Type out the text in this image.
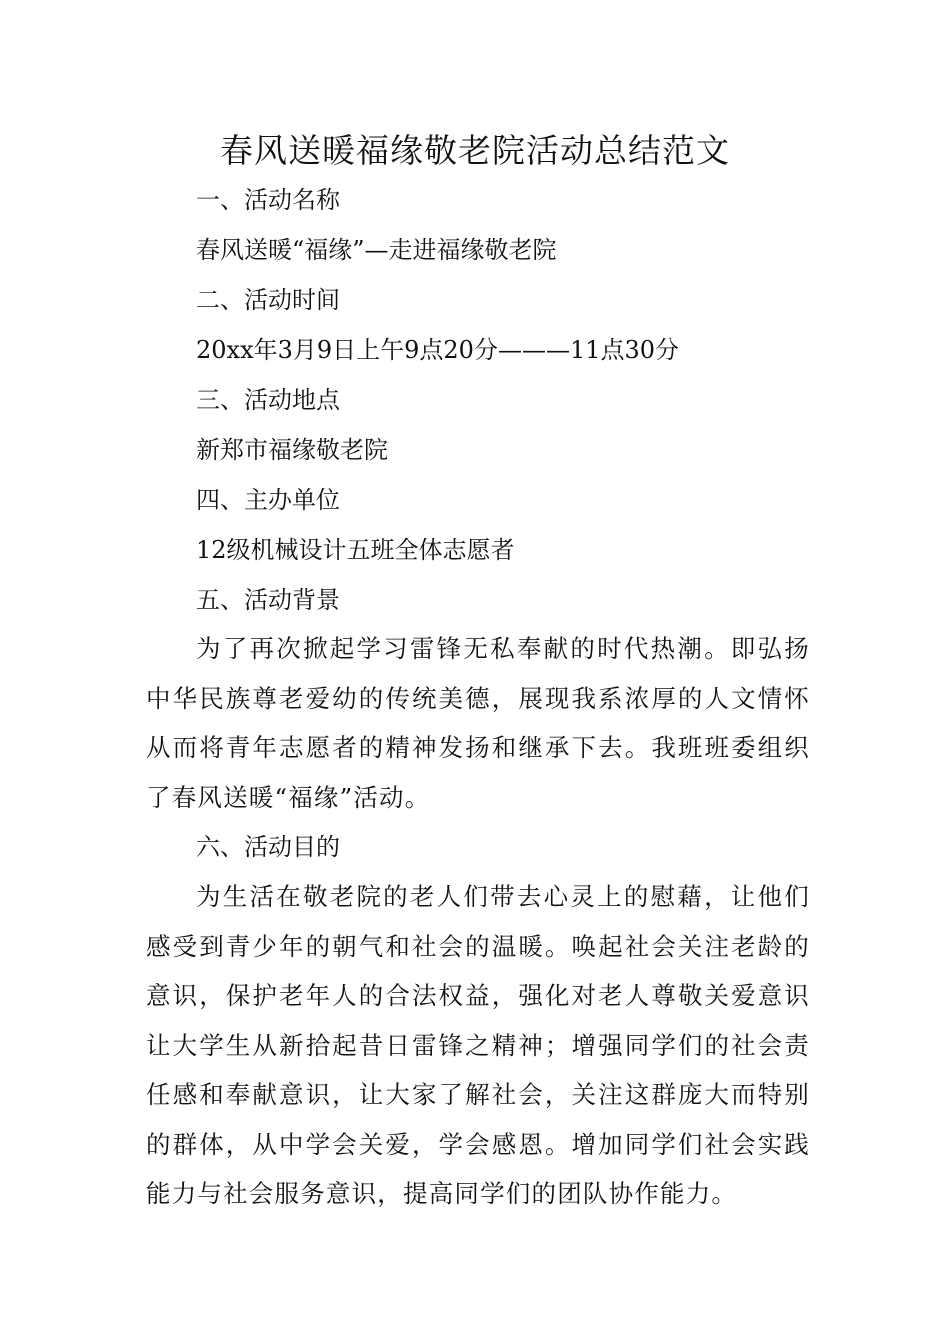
春风送暖福缘敬老院活动总结范文

一、活动名称

春风送暖“福缘”—走进福缘敬老院

二、活动时间

20xx年3月9日上午9点20分———11点30分

三、活动地点

新郑市福缘敬老院

四、主办单位

12级机械设计五班全体志愿者

五、活动背景

为了再次掀起学习雷锋无私奉献的时代热潮。即弘扬中华民族尊老爱幼的传统美德，展现我系浓厚的人文情怀从而将青年志愿者的精神发扬和继承下去。我班班委组织了春风送暖“福缘”活动。

六、活动目的

为生活在敬老院的老人们带去心灵上的慰藉，让他们感受到青少年的朝气和社会的温暖。唤起社会关注老龄的意识，保护老年人的合法权益，强化对老人尊敬关爱意识让大学生从新拾起昔日雷锋之精神；增强同学们的社会责任感和奉献意识，让大家了解社会，关注这群庞大而特别的群体，从中学会关爱，学会感恩。增加同学们社会实践能力与社会服务意识，提高同学们的团队协作能力。
